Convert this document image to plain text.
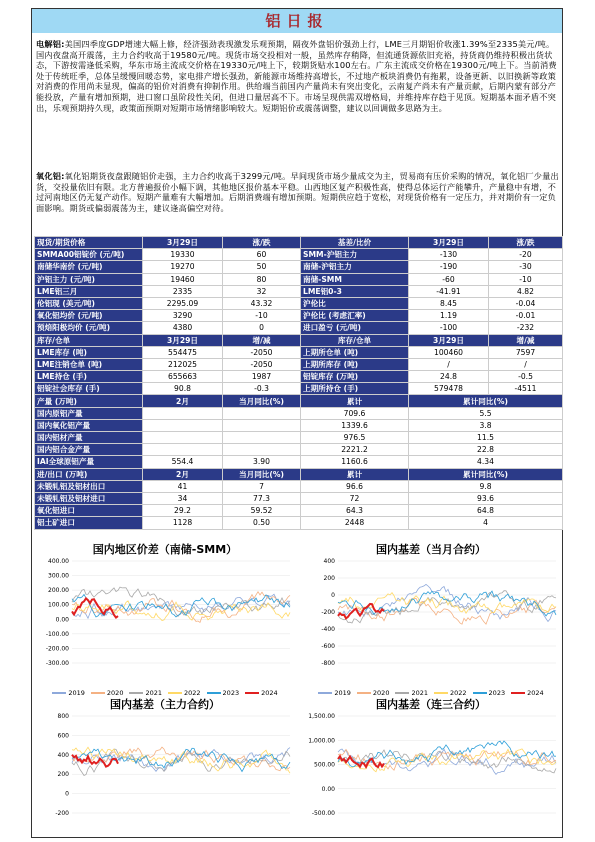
铝日报
电解铝:美国四季度GDP增速大幅上修，经济强劲表现激发乐观预期，隔夜外盘铝价强劲上行，LME三月期铝价收涨1.39%至2335美元/吨。国内夜盘高开震荡，主力合约收高于19580元/吨。现货市场交投相对一般，虽然库存稍降，但流通货源依旧充裕，持货商仍维持积极出货状态，下游按需逢低采购，华东市场主流成交价格在19330元/吨上下，较期货贴水100左右。广东主流成交价格在19300元/吨上下。当前消费处于传统旺季，总体呈缓慢回暖态势，家电排产增长强劲，新能源市场维持高增长，不过地产板块消费仍有拖累，设备更新、以旧换新等政策对消费的作用尚未显现，偏高的铝价对消费有抑制作用。供给端当前国内产量尚未有突出变化，云南复产尚未有产量贡献，后期内蒙有部分产能投放，产量有增加预期，进口窗口虽阶段性关闭，但进口量居高不下。市场呈现供需双增格局，并维持库存趋于见顶。短期基本面矛盾不突出，乐观预期持久现，政策面预期对短期市场情绪影响较大。短期铝价或震荡调整，建议以回调做多思路为主。
氧化铝:氧化铝期货夜盘跟随铝价走强，主力合约收高于3299元/吨。早间现货市场少量成交为主，贸易商有压价采购的情况，氧化铝厂少量出货，交投量依旧有限。北方普遍报价小幅下调，其他地区报价基本平稳。山西地区复产积极性高，使得总体运行产能攀升，产量稳中有增，不过河南地区仍无复产动作。短期产量难有大幅增加。后期消费端有增加预期。短期供应趋于宽松，对现货价格有一定压力，并对期价有一定负面影响。期货或偏弱震荡为主，建议逢高偏空对待。
现货/期货价格	3月29日	涨/跌	基差/比价	3月29日	涨/跌
SMMA00铝锭价 (元/吨)	19330	60	SMM-沪铝主力	-130	-20
南储华南价 (元/吨)	19270	50	南储-沪铝主力	-190	-30
沪铝主力 (元/吨)	19460	80	南储-SMM	-60	-10
LME铝三月	2335	32	LME铝0-3	-41.91	4.82
伦铝现 (美元/吨)	2295.09	43.32	沪伦比	8.45	-0.04
氧化铝均价 (元/吨)	3290	-10	沪伦比 (考虑汇率)	1.19	-0.01
预焙阳极均价 (元/吨)	4380	0	进口盈亏 (元/吨)	-100	-232
库存/仓单	3月29日	增/减	库存/仓单	3月29日	增/减
LME库存 (吨)	554475	-2050	上期所仓单 (吨)	100460	7597
LME注销仓单 (吨)	212025	-2050	上期所库存 (吨)	/	/
LME持仓 (手)	655663	1987	铝锭库存 (万吨)	24.8	-0.5
铝锭社会库存 (手)	90.8	-0.3	上期所持仓 (手)	579478	-4511
产量 (万吨)	2月	当月同比(%)	累计	累计同比(%)	
国内原铝产量			709.6	5.5	
国内氧化铝产量			1339.6	3.8	
国内铝材产量			976.5	11.5	
国内铝合金产量			2221.2	22.8	
IAI全球原铝产量	554.4	3.90	1160.6	4.34	
进/出口 (万吨)	2月	当月同比(%)	累计	累计同比(%)	
未锻轧铝及铝材出口	41	7	96.6	9.8	
未锻轧铝及铝材进口	34	77.3	72	93.6	
氧化铝进口	29.2	59.52	64.3	64.8	
铝土矿进口	1128	0.50	2448	4	
国内地区价差（南储-SMM）
400.00
300.00
200.00
100.00
0.00
-100.00
-200.00
-300.00
国内基差（当月合约）
400
200
0
-200
-400
-600
-800
国内基差（主力合约）
800
600
400
200
0
-200
国内基差（连三合约）
1,500.00
1,000.00
500.00
0.00
-500.00
2019	2020	2021	2022	2023	2024	2019	2020	2021	2022	2023	2024
